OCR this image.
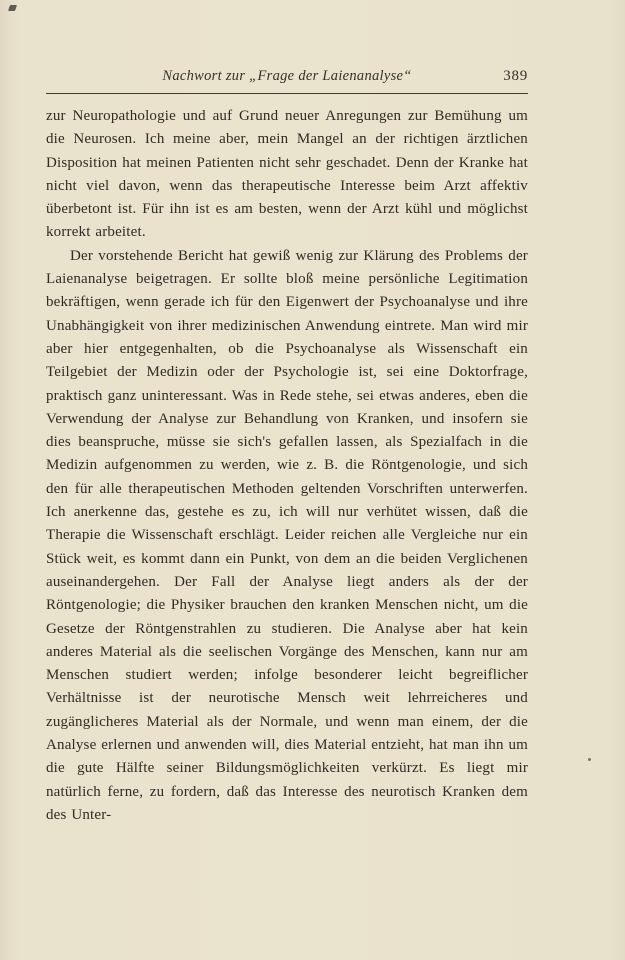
Nachwort zur „Frage der Laienanalyse“	389

zur Neuropathologie und auf Grund neuer Anregungen zur Bemühung um die Neurosen. Ich meine aber, mein Mangel an der richtigen ärztlichen Disposition hat meinen Patienten nicht sehr geschadet. Denn der Kranke hat nicht viel davon, wenn das therapeutische Interesse beim Arzt affektiv überbetont ist. Für ihn ist es am besten, wenn der Arzt kühl und möglichst korrekt arbeitet.

Der vorstehende Bericht hat gewiß wenig zur Klärung des Problems der Laienanalyse beigetragen. Er sollte bloß meine persönliche Legitimation bekräftigen, wenn gerade ich für den Eigenwert der Psychoanalyse und ihre Unabhängigkeit von ihrer medizinischen Anwendung eintrete. Man wird mir aber hier entgegenhalten, ob die Psychoanalyse als Wissenschaft ein Teilgebiet der Medizin oder der Psychologie ist, sei eine Doktorfrage, praktisch ganz uninteressant. Was in Rede stehe, sei etwas anderes, eben die Verwendung der Analyse zur Behandlung von Kranken, und insofern sie dies beanspruche, müsse sie sich's gefallen lassen, als Spezialfach in die Medizin aufgenommen zu werden, wie z. B. die Röntgenologie, und sich den für alle therapeutischen Methoden geltenden Vorschriften unterwerfen. Ich anerkenne das, gestehe es zu, ich will nur verhütet wissen, daß die Therapie die Wissenschaft erschlägt. Leider reichen alle Vergleiche nur ein Stück weit, es kommt dann ein Punkt, von dem an die beiden Verglichenen auseinandergehen. Der Fall der Analyse liegt anders als der der Röntgenologie; die Physiker brauchen den kranken Menschen nicht, um die Gesetze der Röntgenstrahlen zu studieren. Die Analyse aber hat kein anderes Material als die seelischen Vorgänge des Menschen, kann nur am Menschen studiert werden; infolge besonderer leicht begreiflicher Verhältnisse ist der neurotische Mensch weit lehrreicheres und zugänglicheres Material als der Normale, und wenn man einem, der die Analyse erlernen und anwenden will, dies Material entzieht, hat man ihn um die gute Hälfte seiner Bildungsmöglichkeiten verkürzt. Es liegt mir natürlich ferne, zu fordern, daß das Interesse des neurotisch Kranken dem des Unter-
